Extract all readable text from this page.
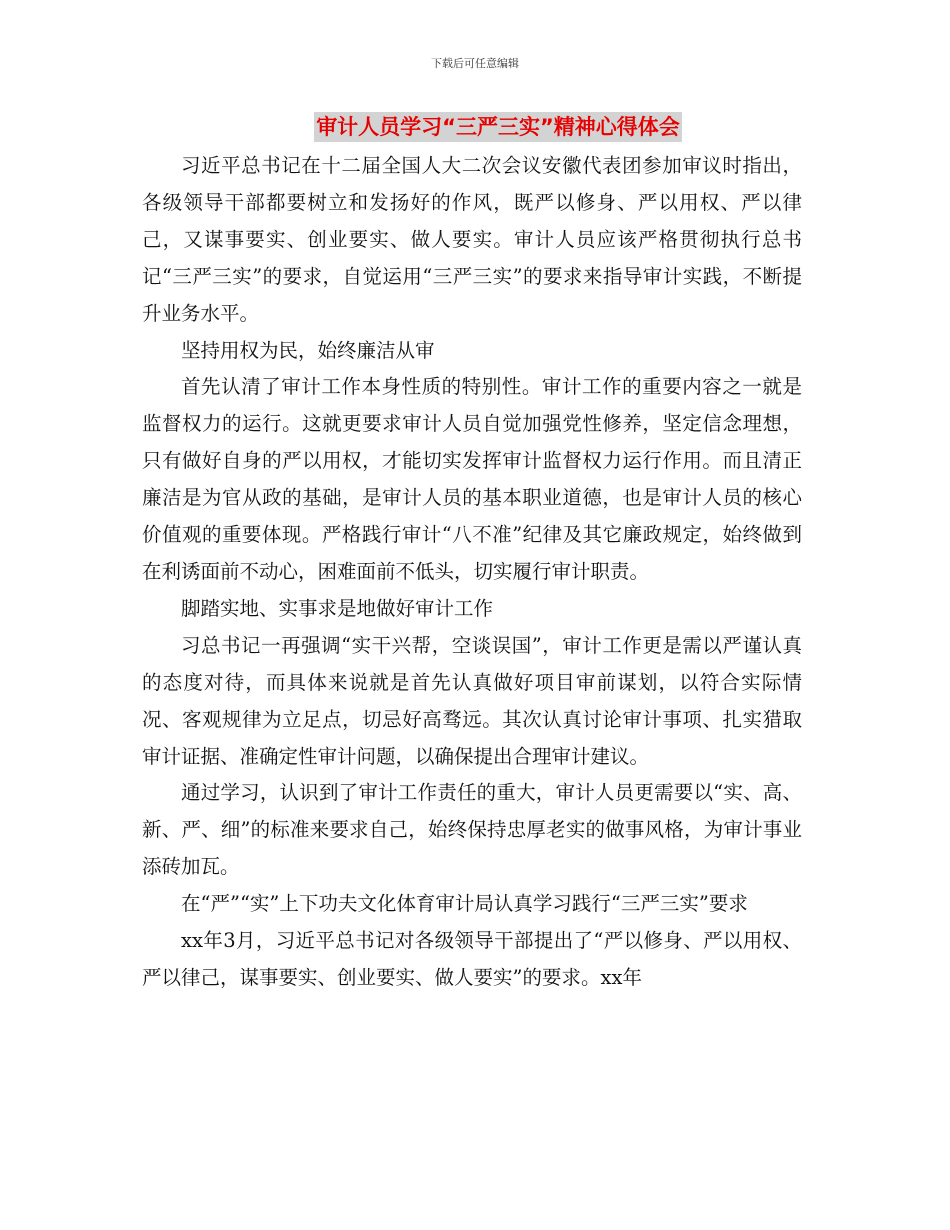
下载后可任意编辑
审计人员学习“三严三实”精神心得体会

习近平总书记在十二届全国人大二次会议安徽代表团参加审议时指出，各级领导干部都要树立和发扬好的作风，既严以修身、严以用权、严以律己，又谋事要实、创业要实、做人要实。审计人员应该严格贯彻执行总书记“三严三实”的要求，自觉运用“三严三实”的要求来指导审计实践，不断提升业务水平。

坚持用权为民，始终廉洁从审

首先认清了审计工作本身性质的特别性。审计工作的重要内容之一就是监督权力的运行。这就更要求审计人员自觉加强党性修养，坚定信念理想，只有做好自身的严以用权，才能切实发挥审计监督权力运行作用。而且清正廉洁是为官从政的基础，是审计人员的基本职业道德，也是审计人员的核心价值观的重要体现。严格践行审计“八不准”纪律及其它廉政规定，始终做到在利诱面前不动心，困难面前不低头，切实履行审计职责。

脚踏实地、实事求是地做好审计工作

习总书记一再强调“实干兴帮，空谈误国”，审计工作更是需以严谨认真的态度对待，而具体来说就是首先认真做好项目审前谋划，以符合实际情况、客观规律为立足点，切忌好高骛远。其次认真讨论审计事项、扎实猎取审计证据、准确定性审计问题，以确保提出合理审计建议。

通过学习，认识到了审计工作责任的重大，审计人员更需要以“实、高、新、严、细”的标准来要求自己，始终保持忠厚老实的做事风格，为审计事业添砖加瓦。

在“严”“实”上下功夫文化体育审计局认真学习践行“三严三实”要求

xx年3月，习近平总书记对各级领导干部提出了“严以修身、严以用权、严以律己，谋事要实、创业要实、做人要实”的要求。xx年
